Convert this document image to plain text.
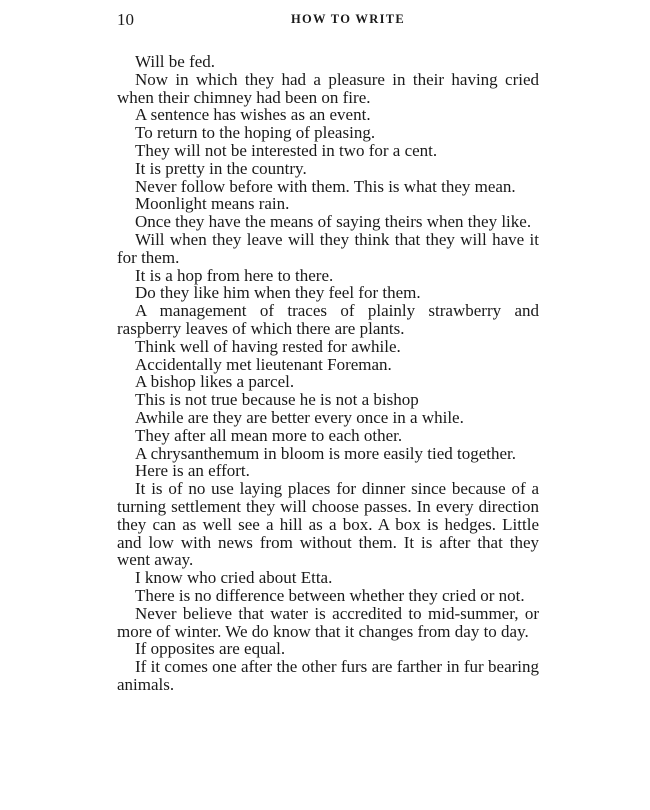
10	HOW TO WRITE

Will be fed.

Now in which they had a pleasure in their having cried when their chimney had been on fire.

A sentence has wishes as an event.

To return to the hoping of pleasing.

They will not be interested in two for a cent.

It is pretty in the country.

Never follow before with them. This is what they mean.

Moonlight means rain.

Once they have the means of saying theirs when they like.

Will when they leave will they think that they will have it for them.

It is a hop from here to there.

Do they like him when they feel for them.

A management of traces of plainly strawberry and raspberry leaves of which there are plants.

Think well of having rested for awhile.

Accidentally met lieutenant Foreman.

A bishop likes a parcel.

This is not true because he is not a bishop

Awhile are they are better every once in a while.

They after all mean more to each other.

A chrysanthemum in bloom is more easily tied together.

Here is an effort.

It is of no use laying places for dinner since because of a turning settlement they will choose passes. In every direction they can as well see a hill as a box. A box is hedges. Little and low with news from without them. It is after that they went away.

I know who cried about Etta.

There is no difference between whether they cried or not.

Never believe that water is accredited to mid-summer, or more of winter. We do know that it changes from day to day.

If opposites are equal.

If it comes one after the other furs are farther in fur bearing animals.
